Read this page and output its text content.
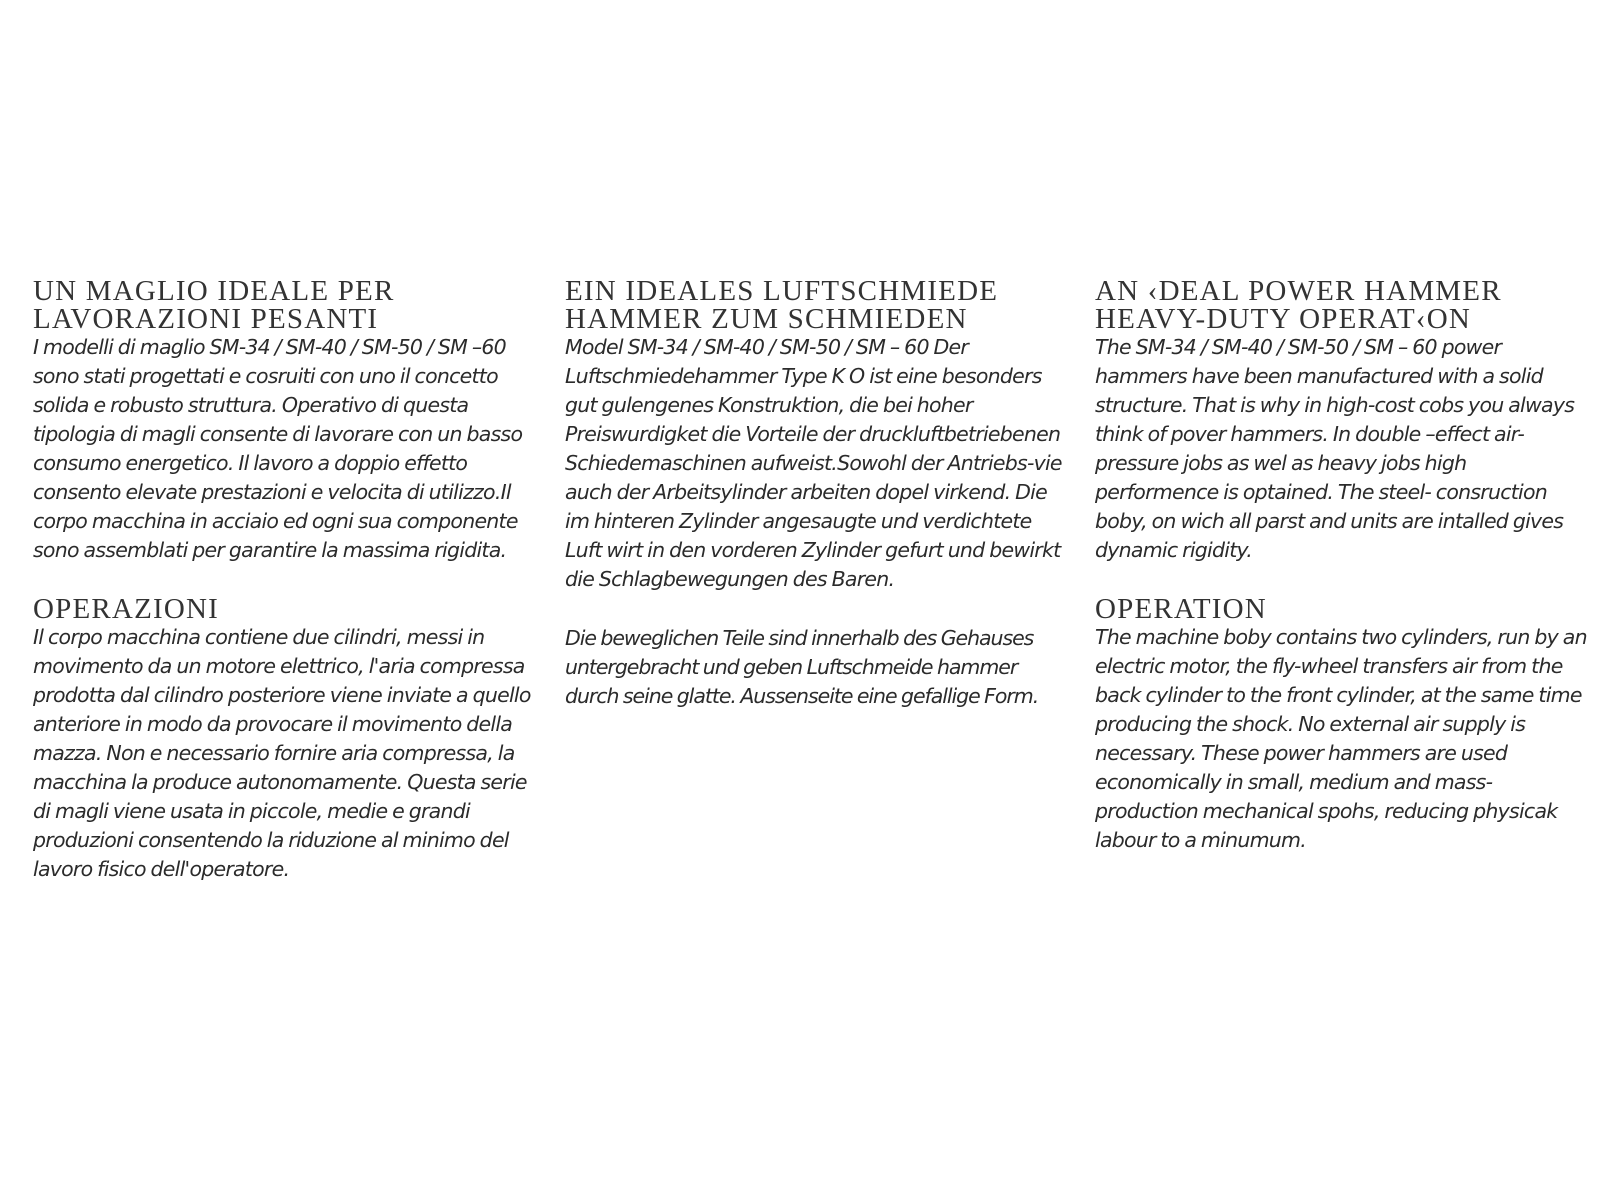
UN MAGLIO IDEALE PER
LAVORAZIONI PESANTI

I modelli di maglio SM-34 / SM-40 / SM-50 / SM –60 sono stati progettati e cosruiti con uno il concetto solida e robusto struttura. Operativo di questa tipologia di magli consente di lavorare con un basso consumo energetico. Il lavoro a doppio effetto consento elevate prestazioni e velocita di utilizzo.Il corpo macchina in acciaio ed ogni sua componente sono assemblati per garantire la massima rigidita.

OPERAZIONI

Il corpo macchina contiene due cilindri, messi in movimento da un motore elettrico, l'aria compressa prodotta dal cilindro posteriore viene inviate a quello anteriore in modo da provocare il movimento della mazza. Non e necessario fornire aria compressa, la macchina la produce autonomamente. Questa serie di magli viene usata in piccole, medie e grandi produzioni consentendo la riduzione al minimo del lavoro fisico dell'operatore.

EIN IDEALES LUFTSCHMIEDE
HAMMER ZUM SCHMIEDEN

Model SM-34 / SM-40 / SM-50 / SM – 60 Der Luftschmiedehammer Type K O ist eine besonders gut gulengenes Konstruktion, die bei hoher Preiswurdigket die Vorteile der druckluftbetriebenen Schiedemaschinen aufweist.Sowohl der Antriebs-vie auch der Arbeitsylinder arbeiten dopel virkend. Die im hinteren Zylinder angesaugte und verdichtete Luft wirt in den vorderen Zylinder gefurt und bewirkt die Schlagbewegungen des Baren.

Die beweglichen Teile sind innerhalb des Gehauses untergebracht und geben Luftschmeide hammer durch seine glatte. Aussenseite eine gefallige Form.

AN ‹DEAL POWER HAMMER
HEAVY-DUTY OPERAT‹ON

The SM-34 / SM-40 / SM-50 / SM – 60 power hammers have been manufactured with a solid structure. That is why in high-cost cobs you always think of pover hammers. In double –effect air- pressure jobs as wel as heavy jobs high performence is optained. The steel- consruction boby, on wich all parst and units are intalled gives dynamic rigidity.

OPERATION

The machine boby contains two cylinders, run by an electric motor, the fly-wheel transfers air from the back cylinder to the front cylinder, at the same time producing the shock. No external air supply is necessary. These power hammers are used economically in small, medium and mass- production mechanical spohs, reducing physicak labour to a minumum.
